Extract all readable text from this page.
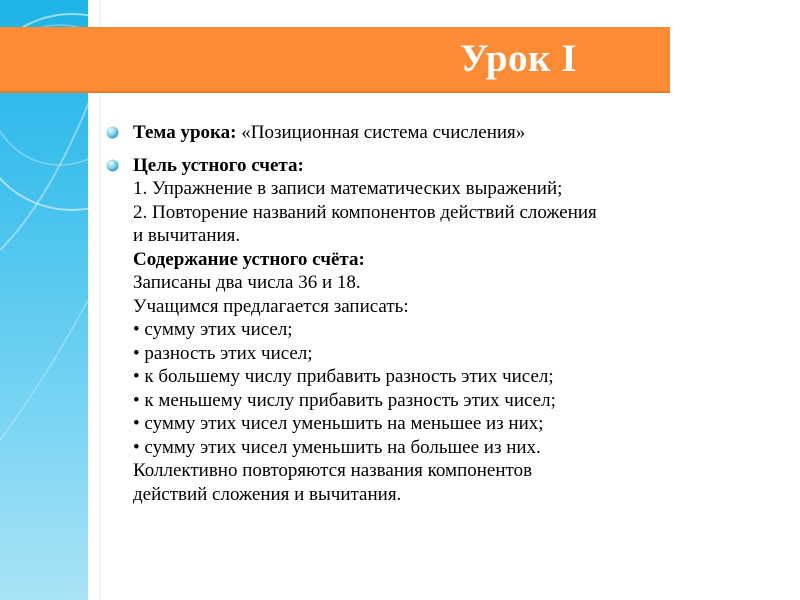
Урок I
Тема урока: «Позиционная система счисления»
Цель устного счета:
1. Упражнение в записи математических выражений;
2. Повторение названий компонентов действий сложения
и вычитания.
Содержание устного счёта:
Записаны два числа 36 и 18.
Учащимся предлагается записать:
• сумму этих чисел;
• разность этих чисел;
• к большему числу прибавить разность этих чисел;
• к меньшему числу прибавить разность этих чисел;
• сумму этих чисел уменьшить на меньшее из них;
• сумму этих чисел уменьшить на большее из них.
Коллективно повторяются названия компонентов
действий сложения и вычитания.
